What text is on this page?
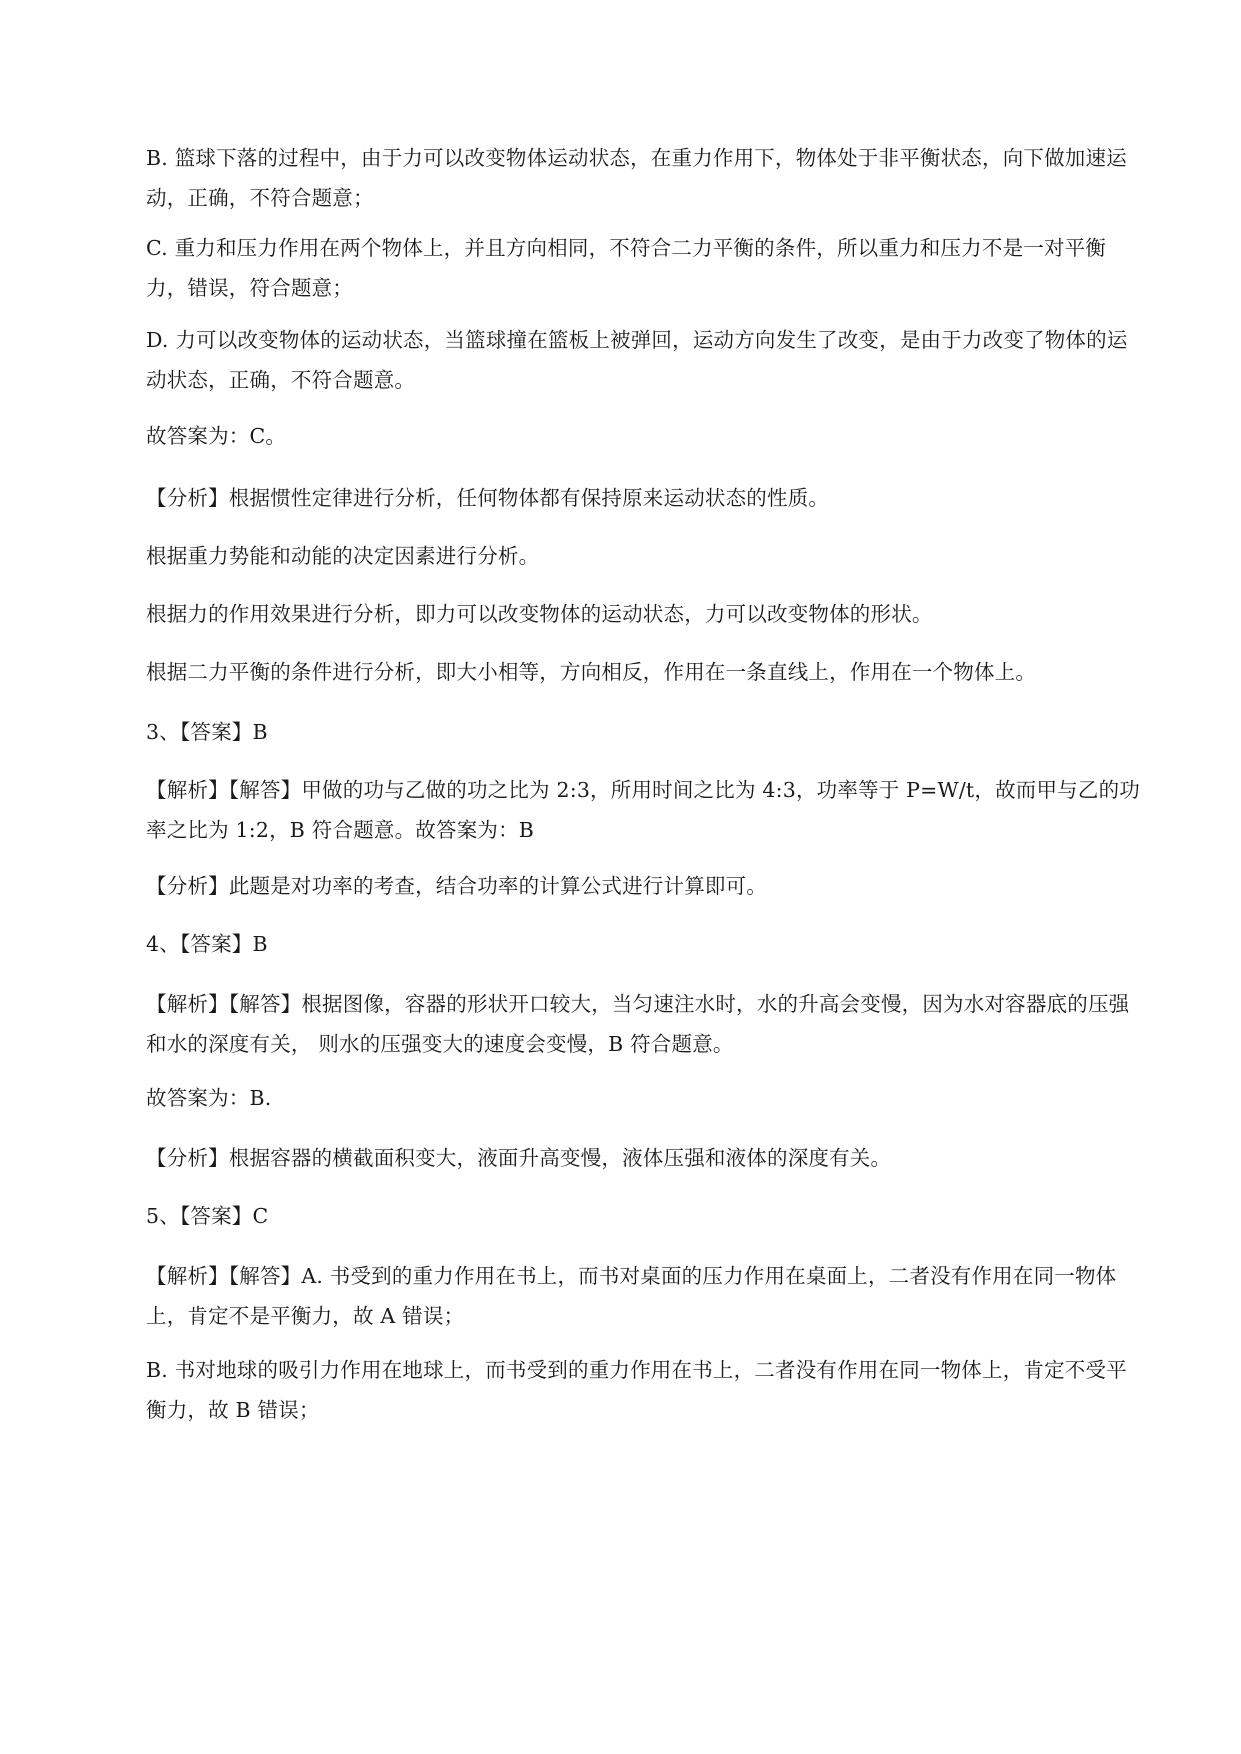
B. 篮球下落的过程中，由于力可以改变物体运动状态，在重力作用下，物体处于非平衡状态，向下做加速运动，正确，不符合题意；

C. 重力和压力作用在两个物体上，并且方向相同，不符合二力平衡的条件，所以重力和压力不是一对平衡力，错误，符合题意；

D. 力可以改变物体的运动状态，当篮球撞在篮板上被弹回，运动方向发生了改变，是由于力改变了物体的运动状态，正确，不符合题意。

故答案为：C。

【分析】根据惯性定律进行分析，任何物体都有保持原来运动状态的性质。

根据重力势能和动能的决定因素进行分析。

根据力的作用效果进行分析，即力可以改变物体的运动状态，力可以改变物体的形状。

根据二力平衡的条件进行分析，即大小相等，方向相反，作用在一条直线上，作用在一个物体上。

3、【答案】B

【解析】【解答】甲做的功与乙做的功之比为 2:3，所用时间之比为 4:3，功率等于 P=W/t，故而甲与乙的功率之比为 1:2，B 符合题意。故答案为：B

【分析】此题是对功率的考查，结合功率的计算公式进行计算即可。

4、【答案】B

【解析】【解答】根据图像，容器的形状开口较大，当匀速注水时，水的升高会变慢，因为水对容器底的压强和水的深度有关， 则水的压强变大的速度会变慢，B 符合题意。

故答案为：B.

【分析】根据容器的横截面积变大，液面升高变慢，液体压强和液体的深度有关。

5、【答案】C

【解析】【解答】A. 书受到的重力作用在书上，而书对桌面的压力作用在桌面上，二者没有作用在同一物体上，肯定不是平衡力，故 A 错误；

B. 书对地球的吸引力作用在地球上，而书受到的重力作用在书上，二者没有作用在同一物体上，肯定不受平衡力，故 B 错误；
